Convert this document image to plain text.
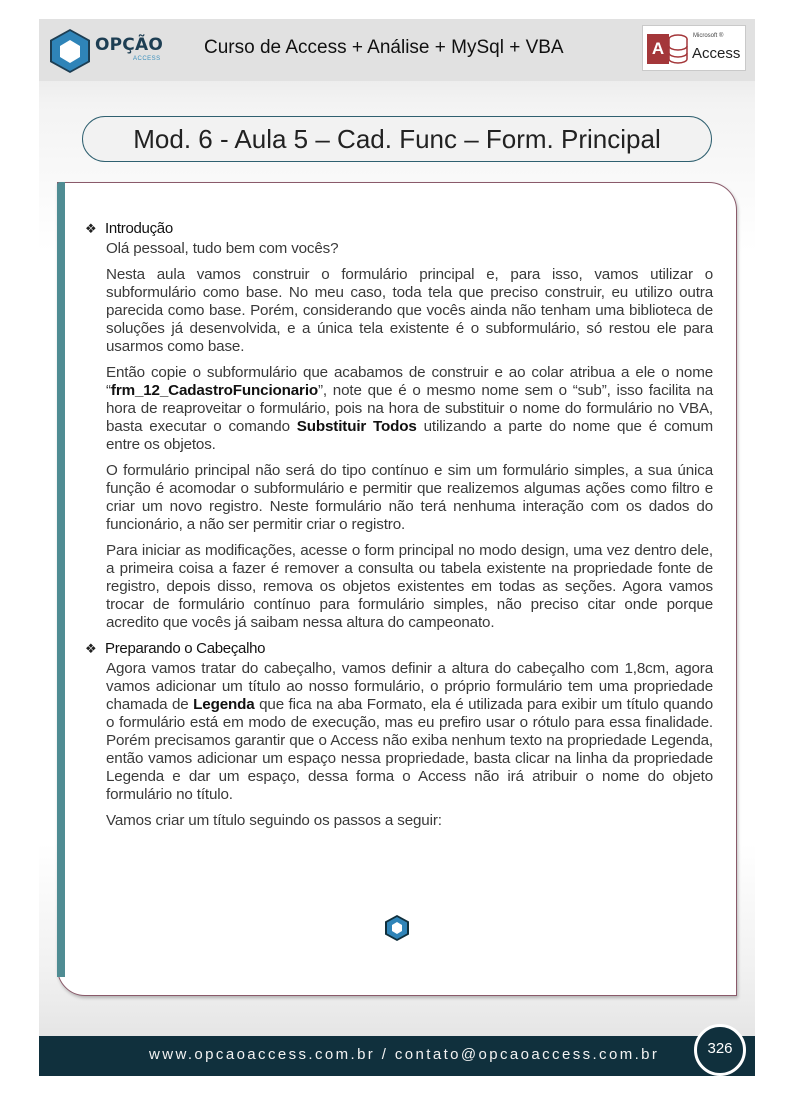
OPÇÃO
ACCESS
Curso de Access + Análise + MySql + VBA	A
Microsoft ®
Access
Mod. 6 - Aula 5 – Cad. Func – Form. Principal
❖ Introdução

Olá pessoal, tudo bem com vocês?

Nesta aula vamos construir o formulário principal e, para isso, vamos utilizar o subformulário como base. No meu caso, toda tela que preciso construir, eu utilizo outra parecida como base. Porém, considerando que vocês ainda não tenham uma biblioteca de soluções já desenvolvida, e a única tela existente é o subformulário, só restou ele para usarmos como base.

Então copie o subformulário que acabamos de construir e ao colar atribua a ele o nome “frm_12_CadastroFuncionario”, note que é o mesmo nome sem o “sub”, isso facilita na hora de reaproveitar o formulário, pois na hora de substituir o nome do formulário no VBA, basta executar o comando Substituir Todos utilizando a parte do nome que é comum entre os objetos.

O formulário principal não será do tipo contínuo e sim um formulário simples, a sua única função é acomodar o subformulário e permitir que realizemos algumas ações como filtro e criar um novo registro. Neste formulário não terá nenhuma interação com os dados do funcionário, a não ser permitir criar o registro.

Para iniciar as modificações, acesse o form principal no modo design, uma vez dentro dele, a primeira coisa a fazer é remover a consulta ou tabela existente na propriedade fonte de registro, depois disso, remova os objetos existentes em todas as seções. Agora vamos trocar de formulário contínuo para formulário simples, não preciso citar onde porque acredito que vocês já saibam nessa altura do campeonato.

❖ Preparando o Cabeçalho

Agora vamos tratar do cabeçalho, vamos definir a altura do cabeçalho com 1,8cm, agora vamos adicionar um título ao nosso formulário, o próprio formulário tem uma propriedade chamada de Legenda que fica na aba Formato, ela é utilizada para exibir um título quando o formulário está em modo de execução, mas eu prefiro usar o rótulo para essa finalidade. Porém precisamos garantir que o Access não exiba nenhum texto na propriedade Legenda, então vamos adicionar um espaço nessa propriedade, basta clicar na linha da propriedade Legenda e dar um espaço, dessa forma o Access não irá atribuir o nome do objeto formulário no título.

Vamos criar um título seguindo os passos a seguir:

www.opcaoaccess.com.br / contato@opcaoaccess.com.br	326
